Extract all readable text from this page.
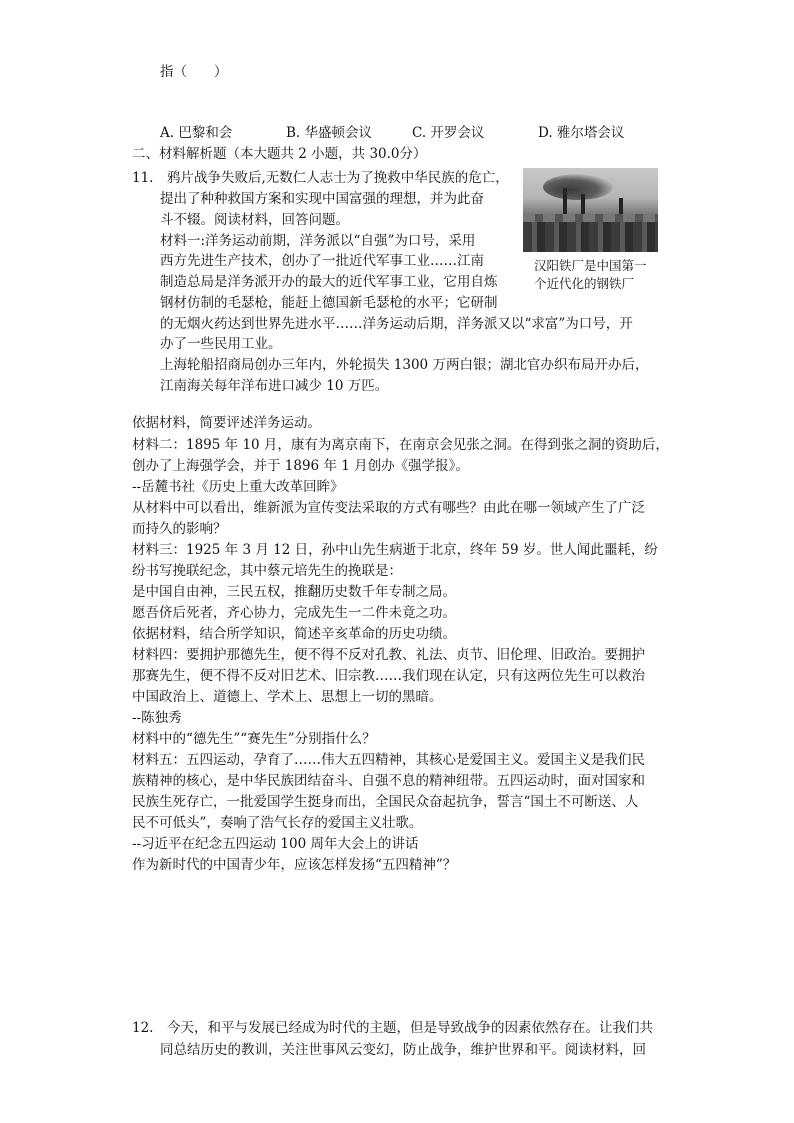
指（　　）

A. 巴黎和会	B. 华盛顿会议	C. 开罗会议	D. 雅尔塔会议

二、材料解析题（本大题共 2 小题，共 30.0分）

11.　鸦片战争失败后,无数仁人志士为了挽救中华民族的危亡，

提出了种种救国方案和实现中国富强的理想，并为此奋

斗不辍。阅读材料，回答问题。

材料一:洋务运动前期，洋务派以“自强”为口号，采用

西方先进生产技术，创办了一批近代军事工业……江南

制造总局是洋务派开办的最大的近代军事工业，它用自炼

钢材仿制的毛瑟枪，能赶上德国新毛瑟枪的水平；它研制

的无烟火药达到世界先进水平……洋务运动后期，洋务派又以“求富”为口号，开

办了一些民用工业。

上海轮船招商局创办三年内，外轮损失 1300 万两白银；湖北官办织布局开办后，

江南海关每年洋布进口减少 10 万匹。

汉阳铁厂是中国第一

个近代化的钢铁厂

依据材料，简要评述洋务运动。

材料二：1895 年 10 月，康有为离京南下，在南京会见张之洞。在得到张之洞的资助后，

创办了上海强学会，并于 1896 年 1 月创办《强学报》。

--岳麓书社《历史上重大改革回眸》

从材料中可以看出，维新派为宣传变法采取的方式有哪些？由此在哪一领域产生了广泛

而持久的影响？

材料三：1925 年 3 月 12 日，孙中山先生病逝于北京，终年 59 岁。世人闻此噩耗，纷

纷书写挽联纪念，其中蔡元培先生的挽联是：

是中国自由神，三民五权，推翻历史数千年专制之局。

愿吾侪后死者，齐心协力，完成先生一二件未竟之功。

依据材料，结合所学知识，简述辛亥革命的历史功绩。

材料四：要拥护那德先生，便不得不反对孔教、礼法、贞节、旧伦理、旧政治。要拥护

那赛先生，便不得不反对旧艺术、旧宗教……我们现在认定，只有这两位先生可以救治

中国政治上、道德上、学术上、思想上一切的黑暗。

--陈独秀

材料中的“德先生”“赛先生”分别指什么？

材料五：五四运动，孕育了……伟大五四精神，其核心是爱国主义。爱国主义是我们民

族精神的核心，是中华民族团结奋斗、自强不息的精神纽带。五四运动时，面对国家和

民族生死存亡，一批爱国学生挺身而出，全国民众奋起抗争，誓言“国土不可断送、人

民不可低头”，奏响了浩气长存的爱国主义壮歌。

--习近平在纪念五四运动 100 周年大会上的讲话

作为新时代的中国青少年，应该怎样发扬“五四精神”？

12.　今天，和平与发展已经成为时代的主题，但是导致战争的因素依然存在。让我们共

同总结历史的教训，关注世事风云变幻，防止战争，维护世界和平。阅读材料，回
